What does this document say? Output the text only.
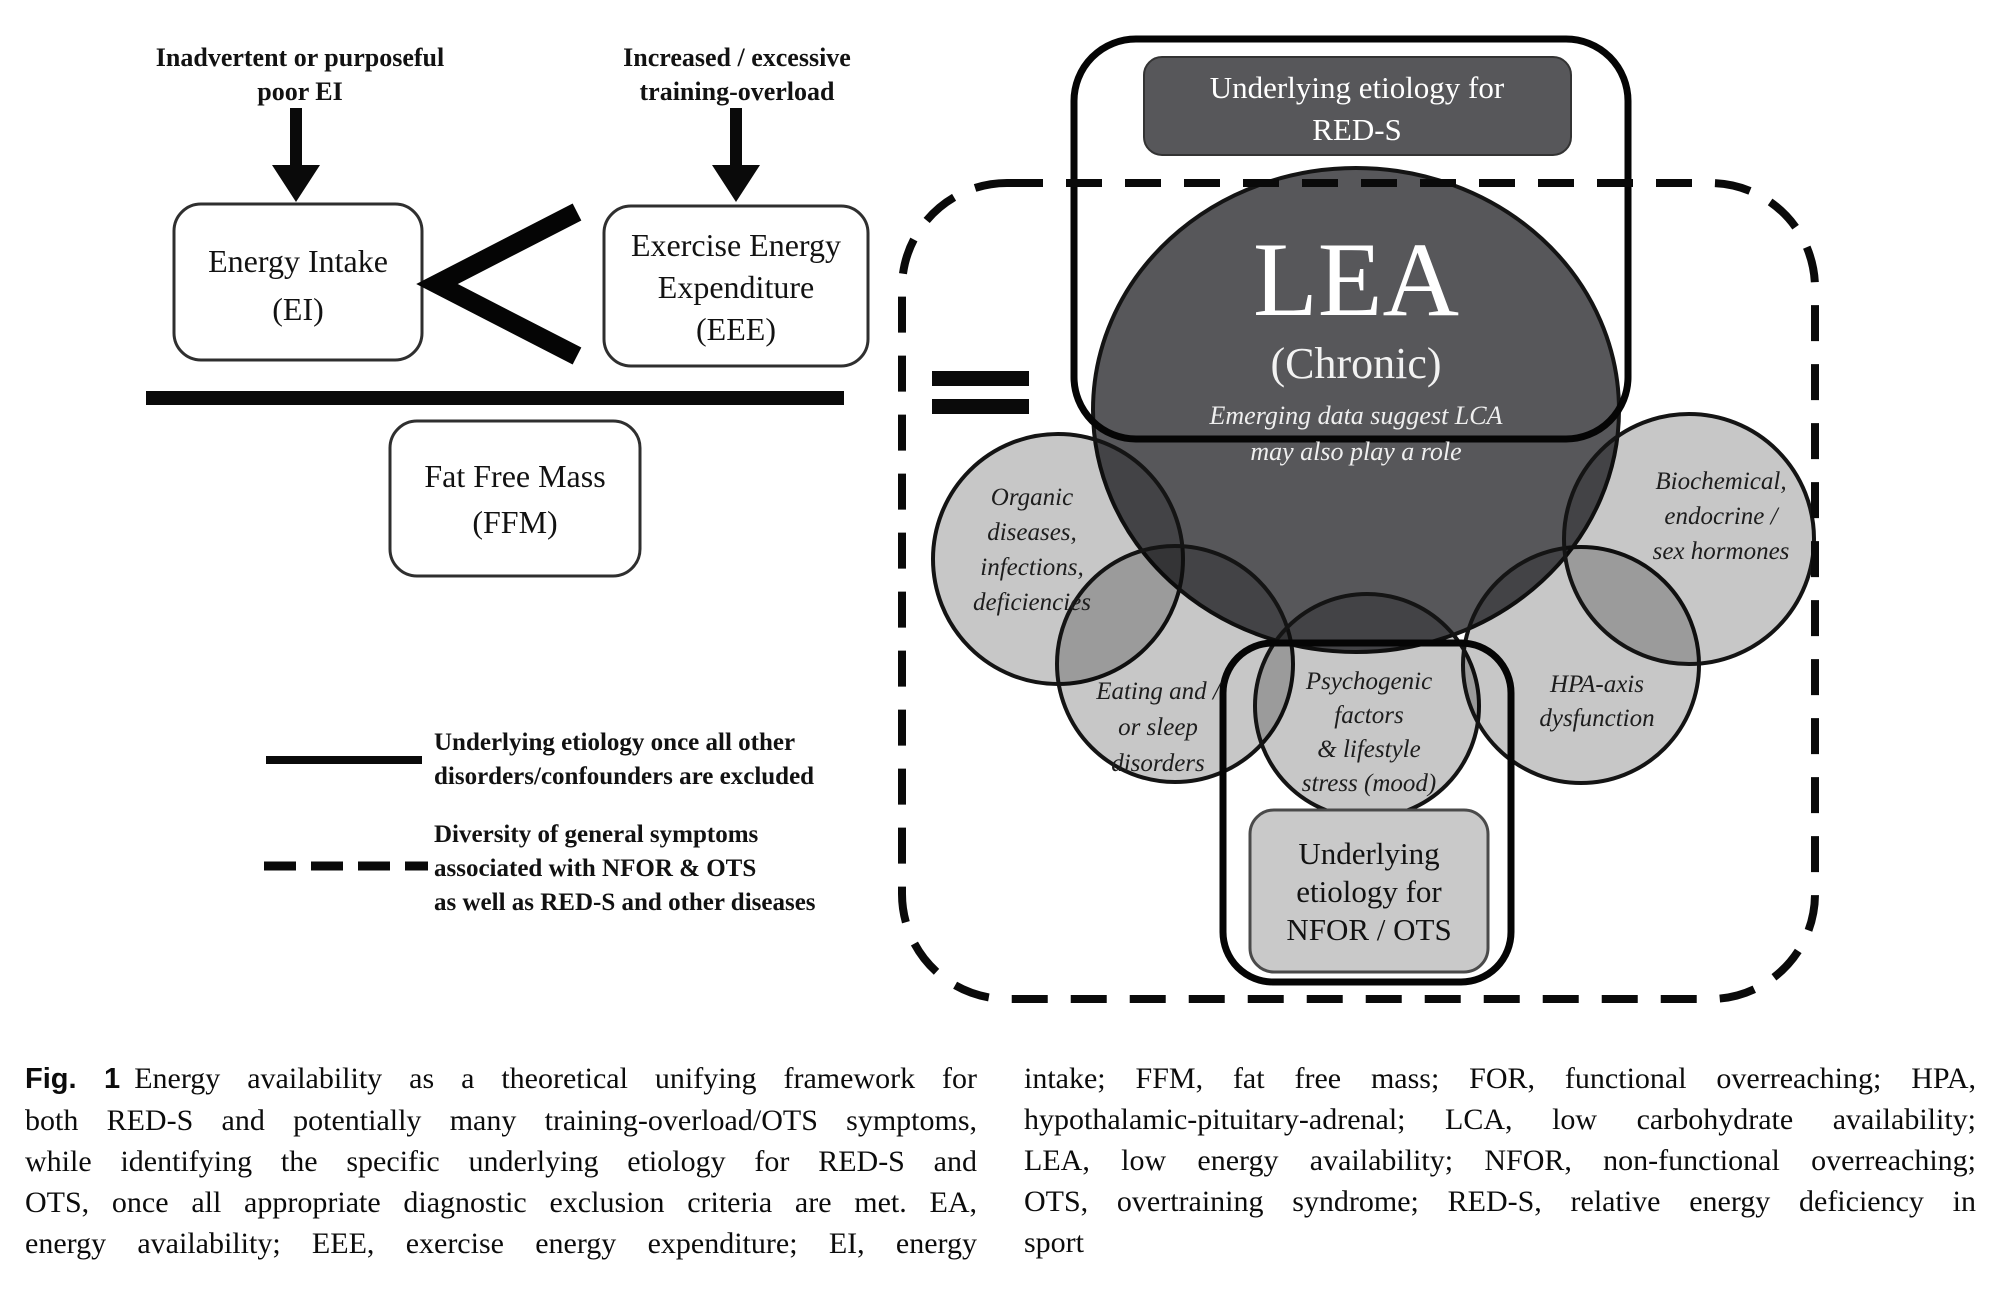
Inadvertent or purposeful
poor EI
Increased / excessive
training-overload
Energy Intake
(EI)
Exercise Energy
Expenditure
(EEE)
Fat Free Mass
(FFM)
Underlying etiology once all other
disorders/confounders are excluded
Diversity of general symptoms
associated with NFOR & OTS
as well as RED-S and other diseases
Underlying etiology for
RED-S
Underlying
etiology for
NFOR / OTS
LEA
(Chronic)
Emerging data suggest LCA
may also play a role
Organic
diseases,
infections,
deficiencies
Eating and /
or sleep
disorders
Psychogenic
factors
& lifestyle
stress (mood)
HPA-axis
dysfunction
Biochemical,
endocrine /
sex hormones
Fig. 1 Energy availability as a theoretical unifying framework for
both RED-S and potentially many training-overload/OTS symptoms,
while identifying the specific underlying etiology for RED-S and
OTS, once all appropriate diagnostic exclusion criteria are met. EA,
energy availability; EEE, exercise energy expenditure; EI, energy
intake; FFM, fat free mass; FOR, functional overreaching; HPA,
hypothalamic-pituitary-adrenal; LCA, low carbohydrate availability;
LEA, low energy availability; NFOR, non-functional overreaching;
OTS, overtraining syndrome; RED-S, relative energy deficiency in
sport
